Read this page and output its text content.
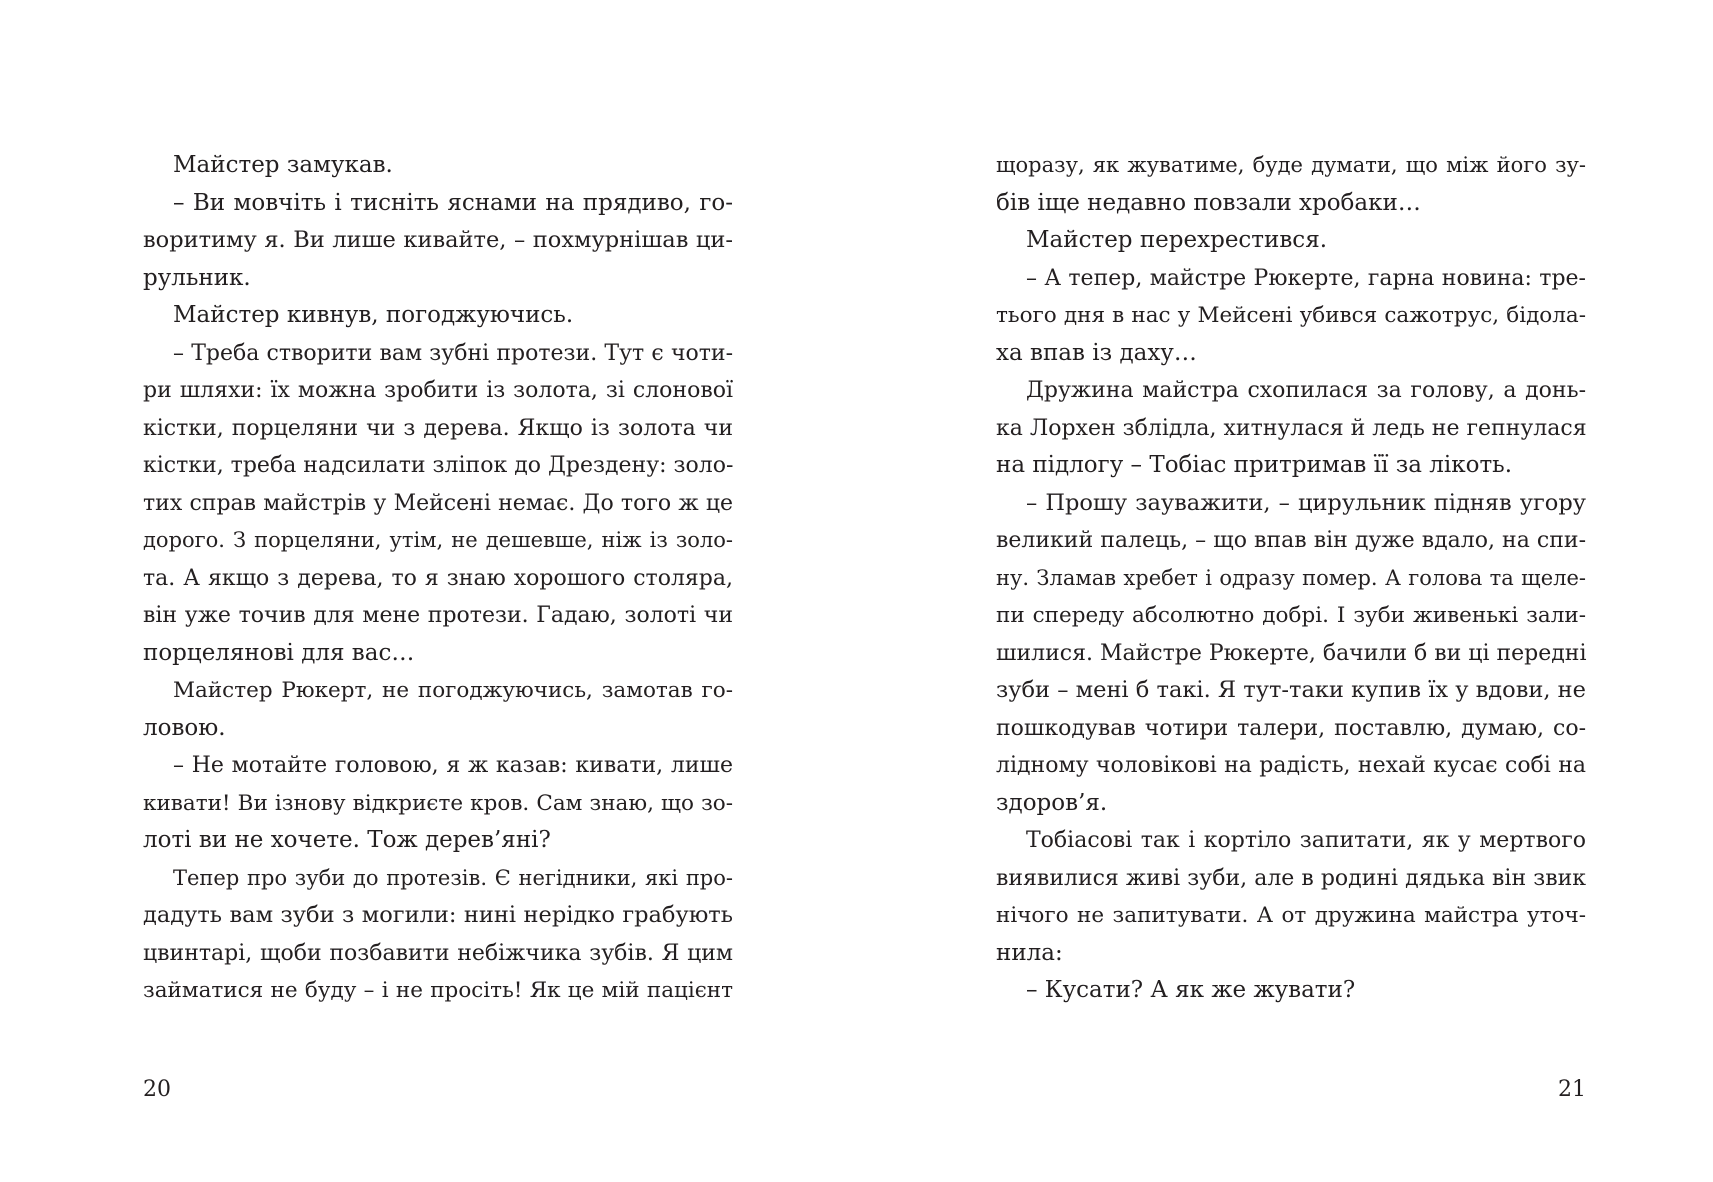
Майстер замукав.
– Ви мовчіть і тисніть яснами на прядиво, го-
воритиму я. Ви лише кивайте, – похмурнішав ци-
рульник.
Майстер кивнув, погоджуючись.
– Треба створити вам зубні протези. Тут є чоти-
ри шляхи: їх можна зробити із золота, зі слонової
кістки, порцеляни чи з дерева. Якщо із золота чи
кістки, треба надсилати зліпок до Дрездену: золо-
тих справ майстрів у Мейсені немає. До того ж це
дорого. З порцеляни, утім, не дешевше, ніж із золо-
та. А якщо з дерева, то я знаю хорошого столяра,
він уже точив для мене протези. Гадаю, золоті чи
порцелянові для вас…
Майстер Рюкерт, не погоджуючись, замотав го-
ловою.
– Не мотайте головою, я ж казав: кивати, лише
кивати! Ви ізнову відкриєте кров. Сам знаю, що зо-
лоті ви не хочете. Тож дерев’яні?
Тепер про зуби до протезів. Є негідники, які про-
дадуть вам зуби з могили: нині нерідко грабують
цвинтарі, щоби позбавити небіжчика зубів. Я цим
займатися не буду – і не просіть! Як це мій пацієнт
щоразу, як жуватиме, буде думати, що між його зу-
бів іще недавно повзали хробаки…
Майстер перехрестився.
– А тепер, майстре Рюкерте, гарна новина: тре-
тього дня в нас у Мейсені убився сажотрус, бідола-
ха впав із даху…
Дружина майстра схопилася за голову, а донь-
ка Лорхен зблідла, хитнулася й ледь не гепнулася
на підлогу – Тобіас притримав її за лікоть.
– Прошу зауважити, – цирульник підняв угору
великий палець, – що впав він дуже вдало, на спи-
ну. Зламав хребет і одразу помер. А голова та щеле-
пи спереду абсолютно добрі. І зуби живенькі зали-
шилися. Майстре Рюкерте, бачили б ви ці передні
зуби – мені б такі. Я тут-таки купив їх у вдови, не
пошкодував чотири талери, поставлю, думаю, со-
лідному чоловікові на радість, нехай кусає собі на
здоров’я.
Тобіасові так і кортіло запитати, як у мертвого
виявилися живі зуби, але в родині дядька він звик
нічого не запитувати. А от дружина майстра уточ-
нила:
– Кусати? А як же жувати?
20	21
